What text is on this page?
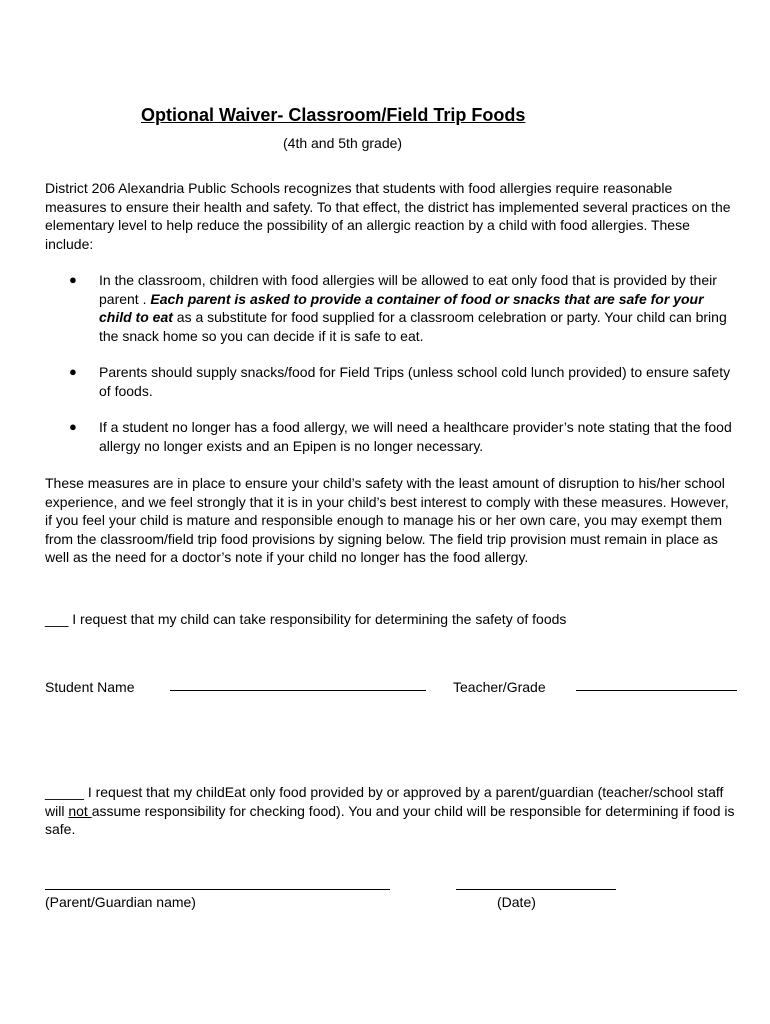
Optional Waiver- Classroom/Field Trip Foods
(4th and 5th grade)

District 206 Alexandria Public Schools recognizes that students with food allergies require reasonable measures to ensure their health and safety. To that effect, the district has implemented several practices on the elementary level to help reduce the possibility of an allergic reaction by a child with food allergies. These include:

● In the classroom, children with food allergies will be allowed to eat only food that is provided by their parent . Each parent is asked to provide a container of food or snacks that are safe for your child to eat as a substitute for food supplied for a classroom celebration or party. Your child can bring the snack home so you can decide if it is safe to eat.
● Parents should supply snacks/food for Field Trips (unless school cold lunch provided) to ensure safety of foods.
● If a student no longer has a food allergy, we will need a healthcare provider’s note stating that the food allergy no longer exists and an Epipen is no longer necessary.

These measures are in place to ensure your child’s safety with the least amount of disruption to his/her school experience, and we feel strongly that it is in your child’s best interest to comply with these measures. However, if you feel your child is mature and responsible enough to manage his or her own care, you may exempt them from the classroom/field trip food provisions by signing below. The field trip provision must remain in place as well as the need for a doctor’s note if your child no longer has the food allergy.

___ I request that my child can take responsibility for determining the safety of foods
Student Name	Teacher/Grade

_____ I request that my childEat only food provided by or approved by a parent/guardian (teacher/school staff will not assume responsibility for checking food). You and your child will be responsible for determining if food is safe.

(Parent/Guardian name)	(Date)
